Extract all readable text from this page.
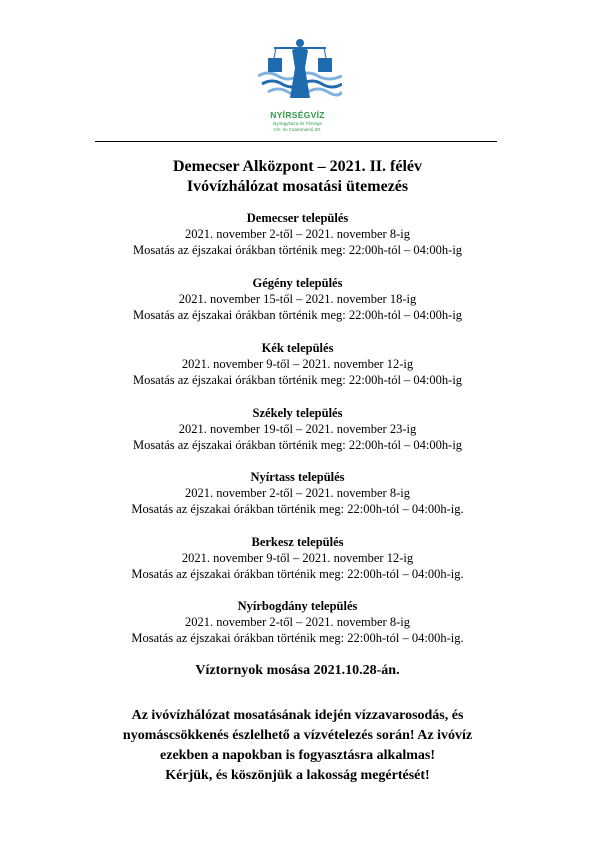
NYÍRSÉGVÍZ
Nyíregyháza és Térsége
Víz- és Csatornamű Zrt.
Demecser Alközpont – 2021. II. félév
Ivóvízhálózat mosatási ütemezés
Demecser település
2021. november 2-től – 2021. november 8-ig
Mosatás az éjszakai órákban történik meg: 22:00h-tól – 04:00h-ig
Gégény település
2021. november 15-től – 2021. november 18-ig
Mosatás az éjszakai órákban történik meg: 22:00h-tól – 04:00h-ig
Kék település
2021. november 9-től – 2021. november 12-ig
Mosatás az éjszakai órákban történik meg: 22:00h-tól – 04:00h-ig
Székely település
2021. november 19-től – 2021. november 23-ig
Mosatás az éjszakai órákban történik meg: 22:00h-tól – 04:00h-ig
Nyírtass település
2021. november 2-től – 2021. november 8-ig
Mosatás az éjszakai órákban történik meg: 22:00h-tól – 04:00h-ig.
Berkesz település
2021. november 9-től – 2021. november 12-ig
Mosatás az éjszakai órákban történik meg: 22:00h-tól – 04:00h-ig.
Nyírbogdány település
2021. november 2-től – 2021. november 8-ig
Mosatás az éjszakai órákban történik meg: 22:00h-tól – 04:00h-ig.
Víztornyok mosása 2021.10.28-án.
Az ivóvízhálózat mosatásának idején vízzavarosodás, és
nyomáscsökkenés észlelhető a vízvételezés során! Az ivóvíz
ezekben a napokban is fogyasztásra alkalmas!
Kérjük, és köszönjük a lakosság megértését!
